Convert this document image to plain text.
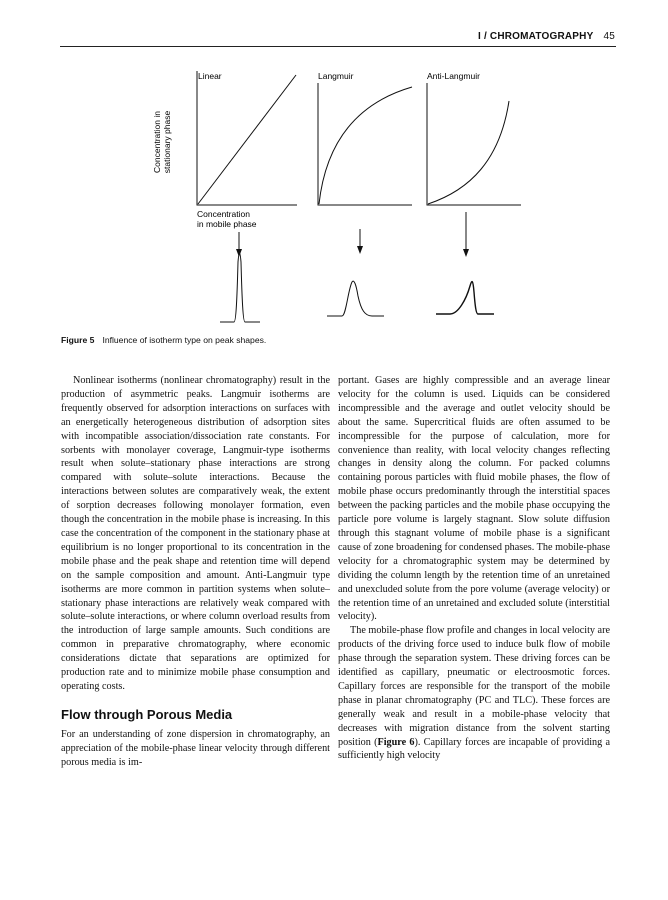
I / CHROMATOGRAPHY 45
Linear	Langmuir	Anti-Langmuir
Concentration in stationary phase
Concentration
in mobile phase
Figure 5 Influence of isotherm type on peak shapes.

Nonlinear isotherms (nonlinear chromatography) result in the production of asymmetric peaks. Langmuir isotherms are frequently observed for adsorption interactions on surfaces with an energetically heterogeneous distribution of adsorption sites with incompatible association/dissociation rate constants. For sorbents with monolayer coverage, Langmuir-type isotherms result when solute–stationary phase interactions are strong compared with solute–solute interactions. Because the interactions between solutes are comparatively weak, the extent of sorption decreases following monolayer formation, even though the concentration in the mobile phase is increasing. In this case the concentration of the component in the stationary phase at equilibrium is no longer proportional to its concentration in the mobile phase and the peak shape and retention time will depend on the sample composition and amount. Anti-Langmuir type isotherms are more common in partition systems when solute–stationary phase interactions are relatively weak compared with solute–solute interactions, or where column overload results from the introduction of large sample amounts. Such conditions are common in preparative chromatography, where economic considerations dictate that separations are optimized for production rate and to minimize mobile phase consumption and operating costs.

Flow through Porous Media

For an understanding of zone dispersion in chromatography, an appreciation of the mobile-phase linear velocity through different porous media is im-

portant. Gases are highly compressible and an average linear velocity for the column is used. Liquids can be considered incompressible and the average and outlet velocity should be about the same. Supercritical fluids are often assumed to be incompressible for the purpose of calculation, more for convenience than reality, with local velocity changes reflecting changes in density along the column. For packed columns containing porous particles with fluid mobile phases, the flow of mobile phase occurs predominantly through the interstitial spaces between the packing particles and the mobile phase occupying the particle pore volume is largely stagnant. Slow solute diffusion through this stagnant volume of mobile phase is a significant cause of zone broadening for condensed phases. The mobile-phase velocity for a chromatographic system may be determined by dividing the column length by the retention time of an unretained and unexcluded solute from the pore volume (average velocity) or the retention time of an unretained and excluded solute (interstitial velocity).

The mobile-phase flow profile and changes in local velocity are products of the driving force used to induce bulk flow of mobile phase through the separation system. These driving forces can be identified as capillary, pneumatic or electroosmotic forces. Capillary forces are responsible for the transport of the mobile phase in planar chromatography (PC and TLC). These forces are generally weak and result in a mobile-phase velocity that decreases with migration distance from the solvent starting position (Figure 6). Capillary forces are incapable of providing a sufficiently high velocity
